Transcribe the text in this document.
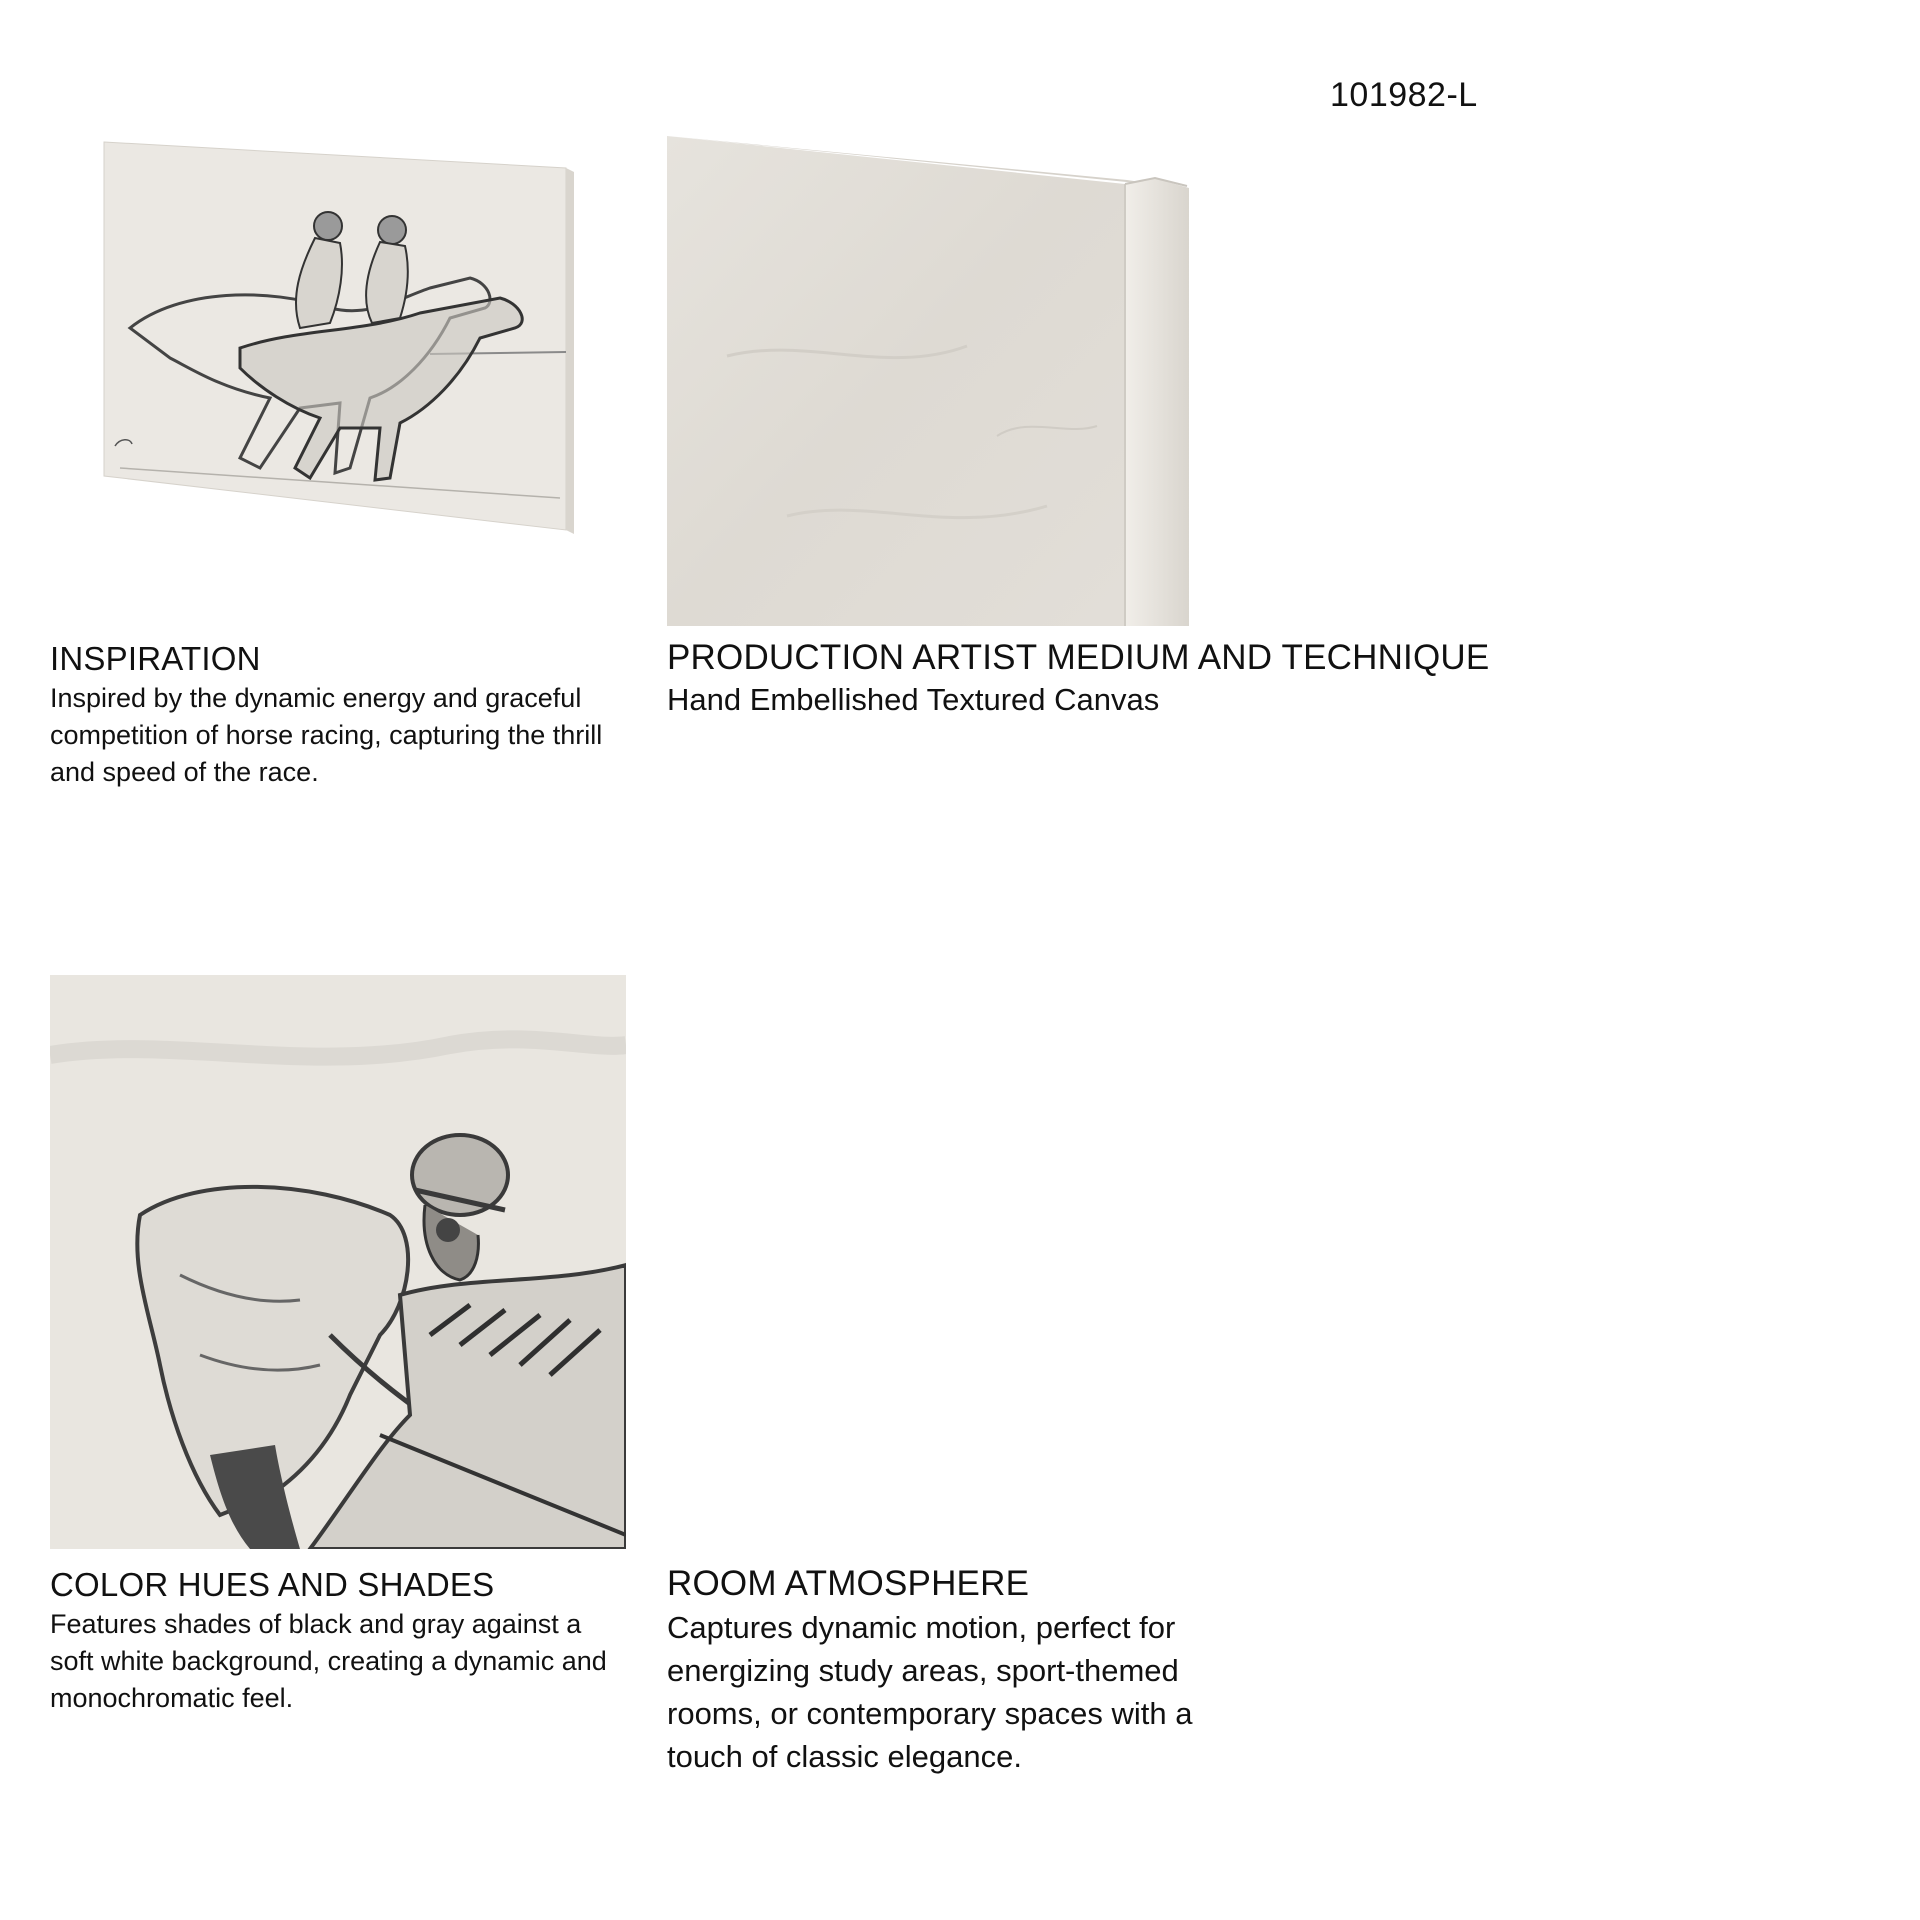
101982-L
INSPIRATION

Inspired by the dynamic energy and graceful competition of horse racing, capturing the thrill and speed of the race.

PRODUCTION ARTIST MEDIUM AND TECHNIQUE

Hand Embellished Textured Canvas

COLOR HUES AND SHADES

Features shades of black and gray against a soft white background, creating a dynamic and monochromatic feel.

ROOM ATMOSPHERE

Captures dynamic motion, perfect for energizing study areas, sport-themed rooms, or contemporary spaces with a touch of classic elegance.
